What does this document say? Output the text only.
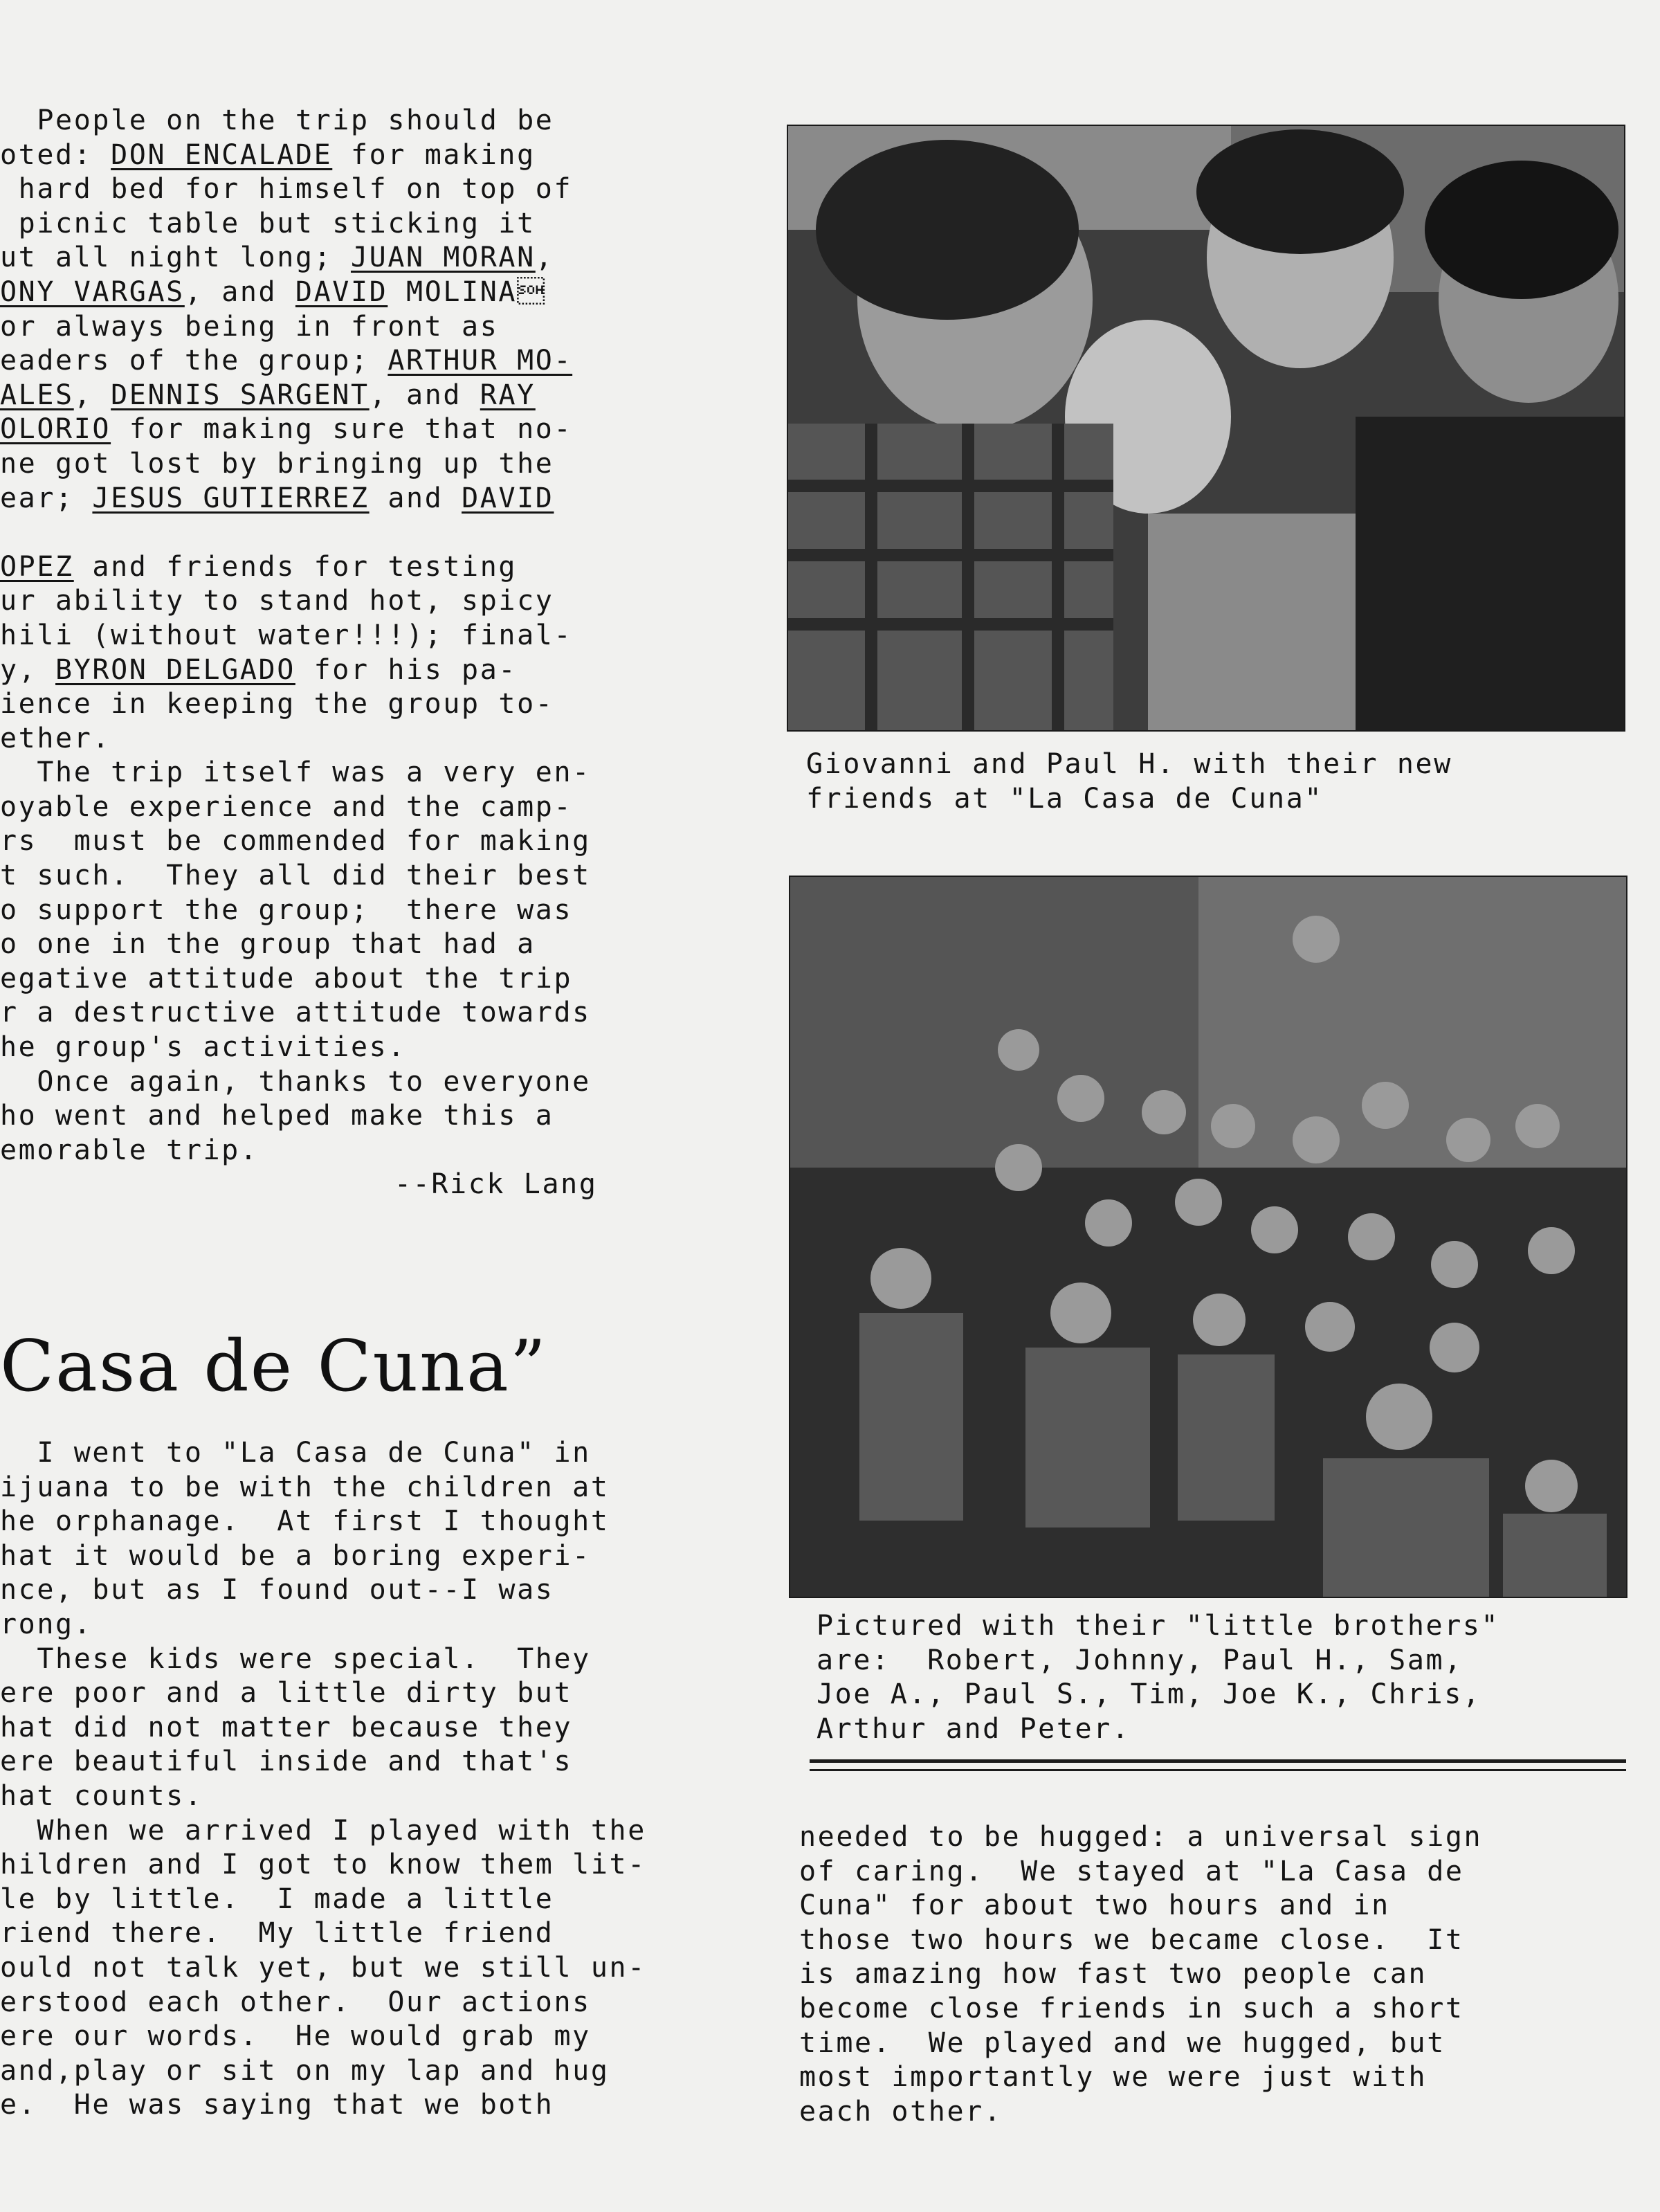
People on the trip should be
oted: DON ENCALADE for making
hard bed for himself on top of
picnic table but sticking it
ut all night long; JUAN MORAN,
ONY VARGAS, and DAVID MOLINA
or always being in front as
eaders of the group; ARTHUR MO-
ALES, DENNIS SARGENT, and RAY
OLORIO for making sure that no-
ne got lost by bringing up the
ear; JESUS GUTIERREZ and DAVID
OPEZ and friends for testing
ur ability to stand hot, spicy
hili (without water!!!); final-
y, BYRON DELGADO for his pa-
ience in keeping the group to-
ether.
The trip itself was a very en-
oyable experience and the camp-
rs  must be commended for making
t such.  They all did their best
o support the group;  there was
o one in the group that had a
egative attitude about the trip
r a destructive attitude towards
he group's activities.
Once again, thanks to everyone
ho went and helped make this a
emorable trip.
--Rick Lang
Casa de Cuna”
I went to "La Casa de Cuna" in
ijuana to be with the children at
he orphanage.  At first I thought
hat it would be a boring experi-
nce, but as I found out--I was
rong.
These kids were special.  They
ere poor and a little dirty but
hat did not matter because they
ere beautiful inside and that's
hat counts.
When we arrived I played with the
hildren and I got to know them lit-
le by little.  I made a little
riend there.  My little friend
ould not talk yet, but we still un-
erstood each other.  Our actions
ere our words.  He would grab my
and,play or sit on my lap and hug
e.  He was saying that we both
Giovanni and Paul H. with their new
friends at "La Casa de Cuna"
Pictured with their "little brothers"
are:  Robert, Johnny, Paul H., Sam,
Joe A., Paul S., Tim, Joe K., Chris,
Arthur and Peter.
needed to be hugged: a universal sign
of caring.  We stayed at "La Casa de
Cuna" for about two hours and in
those two hours we became close.  It
is amazing how fast two people can
become close friends in such a short
time.  We played and we hugged, but
most importantly we were just with
each other.
